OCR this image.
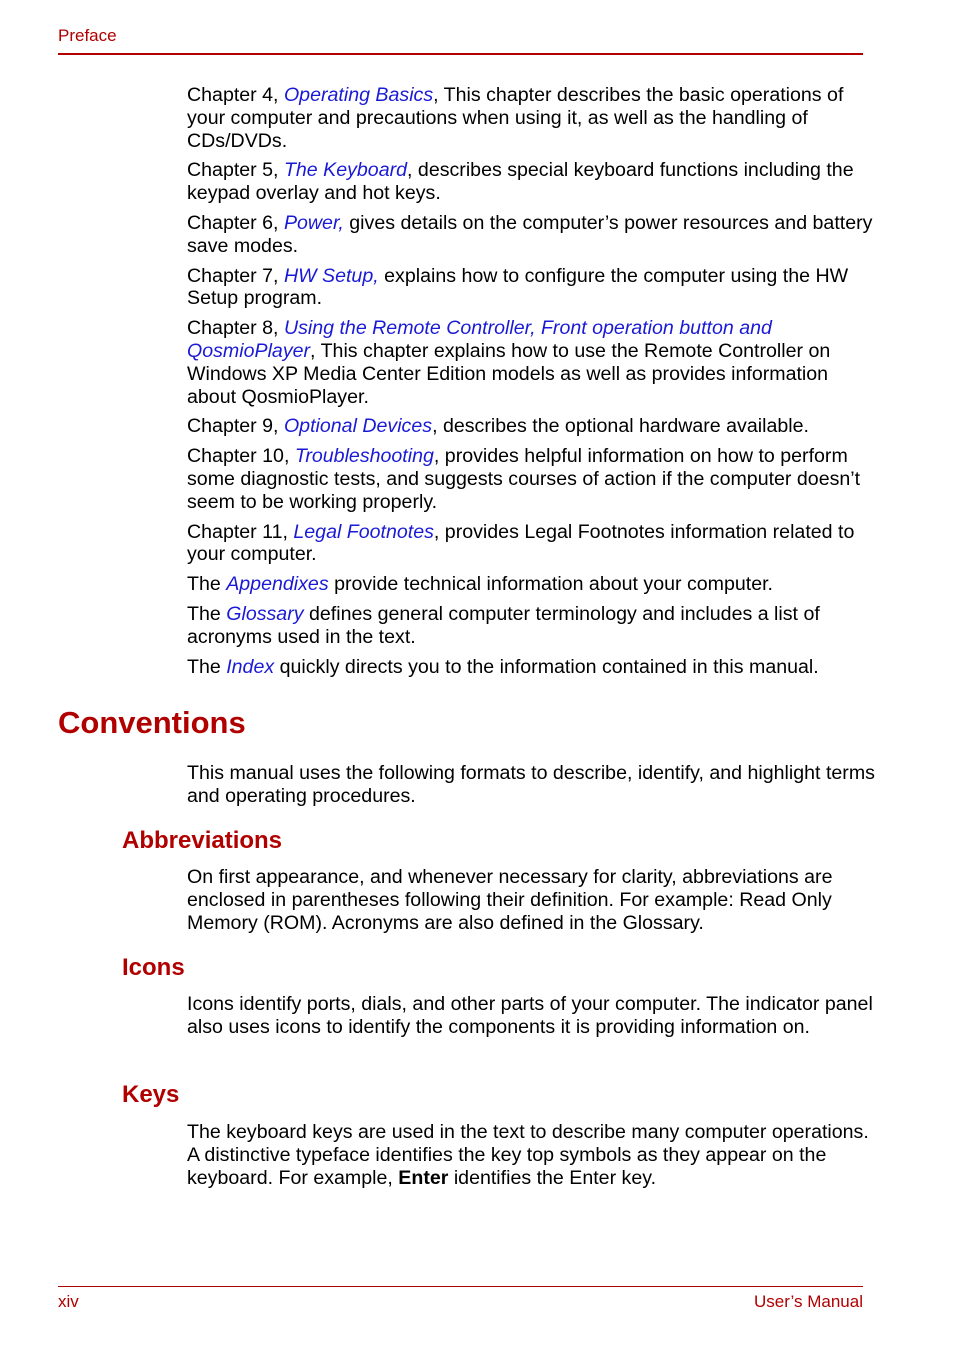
Preface

Chapter 4, Operating Basics, This chapter describes the basic operations of your computer and precautions when using it, as well as the handling of CDs/DVDs.

Chapter 5, The Keyboard, describes special keyboard functions including the keypad overlay and hot keys.

Chapter 6, Power, gives details on the computer’s power resources and battery save modes.

Chapter 7, HW Setup, explains how to configure the computer using the HW Setup program.

Chapter 8, Using the Remote Controller, Front operation button and QosmioPlayer, This chapter explains how to use the Remote Controller on Windows XP Media Center Edition models as well as provides information about QosmioPlayer.

Chapter 9, Optional Devices, describes the optional hardware available.

Chapter 10, Troubleshooting, provides helpful information on how to perform some diagnostic tests, and suggests courses of action if the computer doesn’t seem to be working properly.

Chapter 11, Legal Footnotes, provides Legal Footnotes information related to your computer.

The Appendixes provide technical information about your computer.

The Glossary defines general computer terminology and includes a list of acronyms used in the text.

The Index quickly directs you to the information contained in this manual.

Conventions

This manual uses the following formats to describe, identify, and highlight terms and operating procedures.

Abbreviations

On first appearance, and whenever necessary for clarity, abbreviations are enclosed in parentheses following their definition. For example: Read Only Memory (ROM). Acronyms are also defined in the Glossary.

Icons

Icons identify ports, dials, and other parts of your computer. The indicator panel also uses icons to identify the components it is providing information on.

Keys

The keyboard keys are used in the text to describe many computer operations. A distinctive typeface identifies the key top symbols as they appear on the keyboard. For example, Enter identifies the Enter key.

xiv	User’s Manual
